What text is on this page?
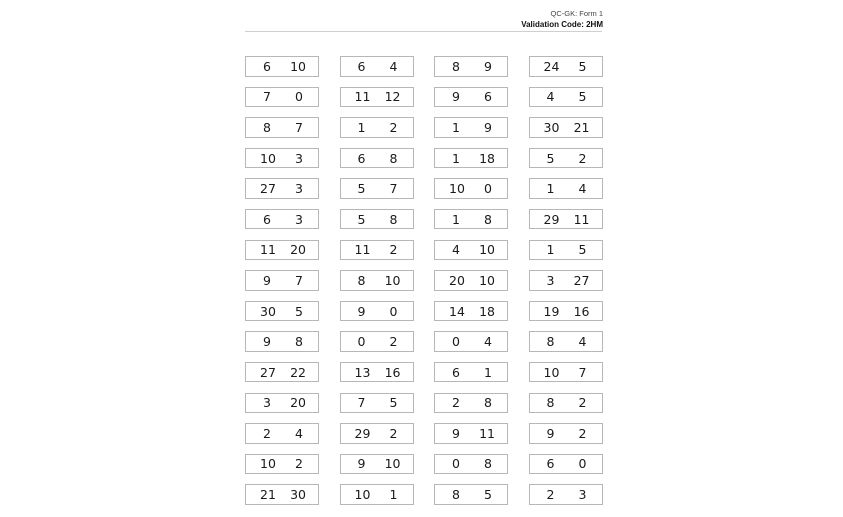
QC-GK: Form 1
Validation Code: 2HM
6 10	6 4	8 9	24 5
7 0	11 12	9 6	4 5
8 7	1 2	1 9	30 21
10 3	6 8	1 18	5 2
27 3	5 7	10 0	1 4
6 3	5 8	1 8	29 11
11 20	11 2	4 10	1 5
9 7	8 10	20 10	3 27
30 5	9 0	14 18	19 16
9 8	0 2	0 4	8 4
27 22	13 16	6 1	10 7
3 20	7 5	2 8	8 2
2 4	29 2	9 11	9 2
10 2	9 10	0 8	6 0
21 30	10 1	8 5	2 3
